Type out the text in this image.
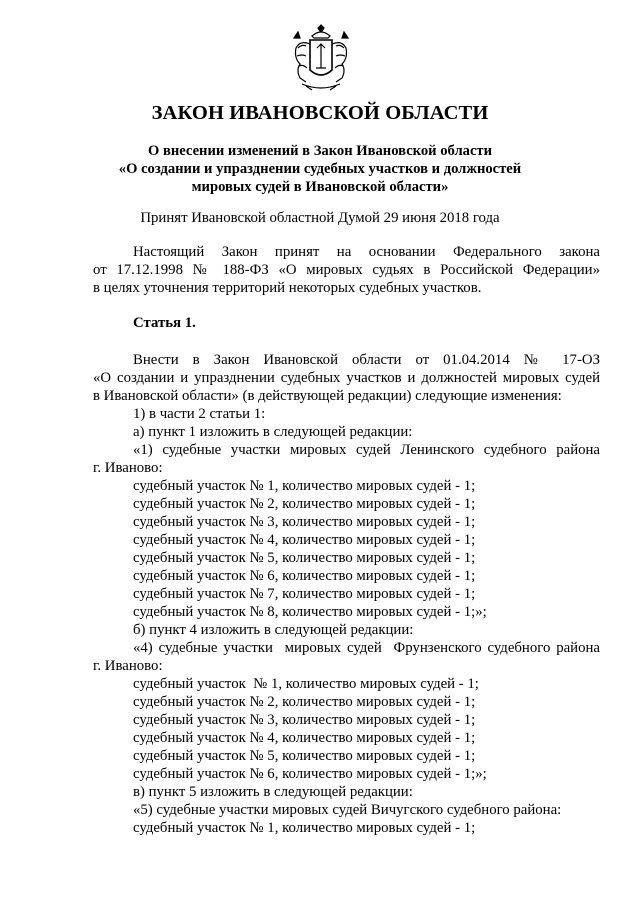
ЗАКОН ИВАНОВСКОЙ ОБЛАСТИ
О внесении изменений в Закон Ивановской области
«О создании и упразднении судебных участков и должностей
мировых судей в Ивановской области»
Принят Ивановской областной Думой 29 июня 2018 года
Настоящий Закон принят на основании Федерального закона
от 17.12.1998 № 188-ФЗ «О мировых судьях в Российской Федерации»
в целях уточнения территорий некоторых судебных участков.
Статья 1.
Внести в Закон Ивановской области от 01.04.2014 № 17-ОЗ
«О создании и упразднении судебных участков и должностей мировых судей
в Ивановской области» (в действующей редакции) следующие изменения:
1) в части 2 статьи 1:
а) пункт 1 изложить в следующей редакции:
«1) судебные участки мировых судей Ленинского судебного района
г. Иваново:
судебный участок № 1, количество мировых судей - 1;
судебный участок № 2, количество мировых судей - 1;
судебный участок № 3, количество мировых судей - 1;
судебный участок № 4, количество мировых судей - 1;
судебный участок № 5, количество мировых судей - 1;
судебный участок № 6, количество мировых судей - 1;
судебный участок № 7, количество мировых судей - 1;
судебный участок № 8, количество мировых судей - 1;»;
б) пункт 4 изложить в следующей редакции:
«4) судебные участки  мировых судей  Фрунзенского судебного района
г. Иваново:
судебный участок  № 1, количество мировых судей - 1;
судебный участок № 2, количество мировых судей - 1;
судебный участок № 3, количество мировых судей - 1;
судебный участок № 4, количество мировых судей - 1;
судебный участок № 5, количество мировых судей - 1;
судебный участок № 6, количество мировых судей - 1;»;
в) пункт 5 изложить в следующей редакции:
«5) судебные участки мировых судей Вичугского судебного района:
судебный участок № 1, количество мировых судей - 1;
